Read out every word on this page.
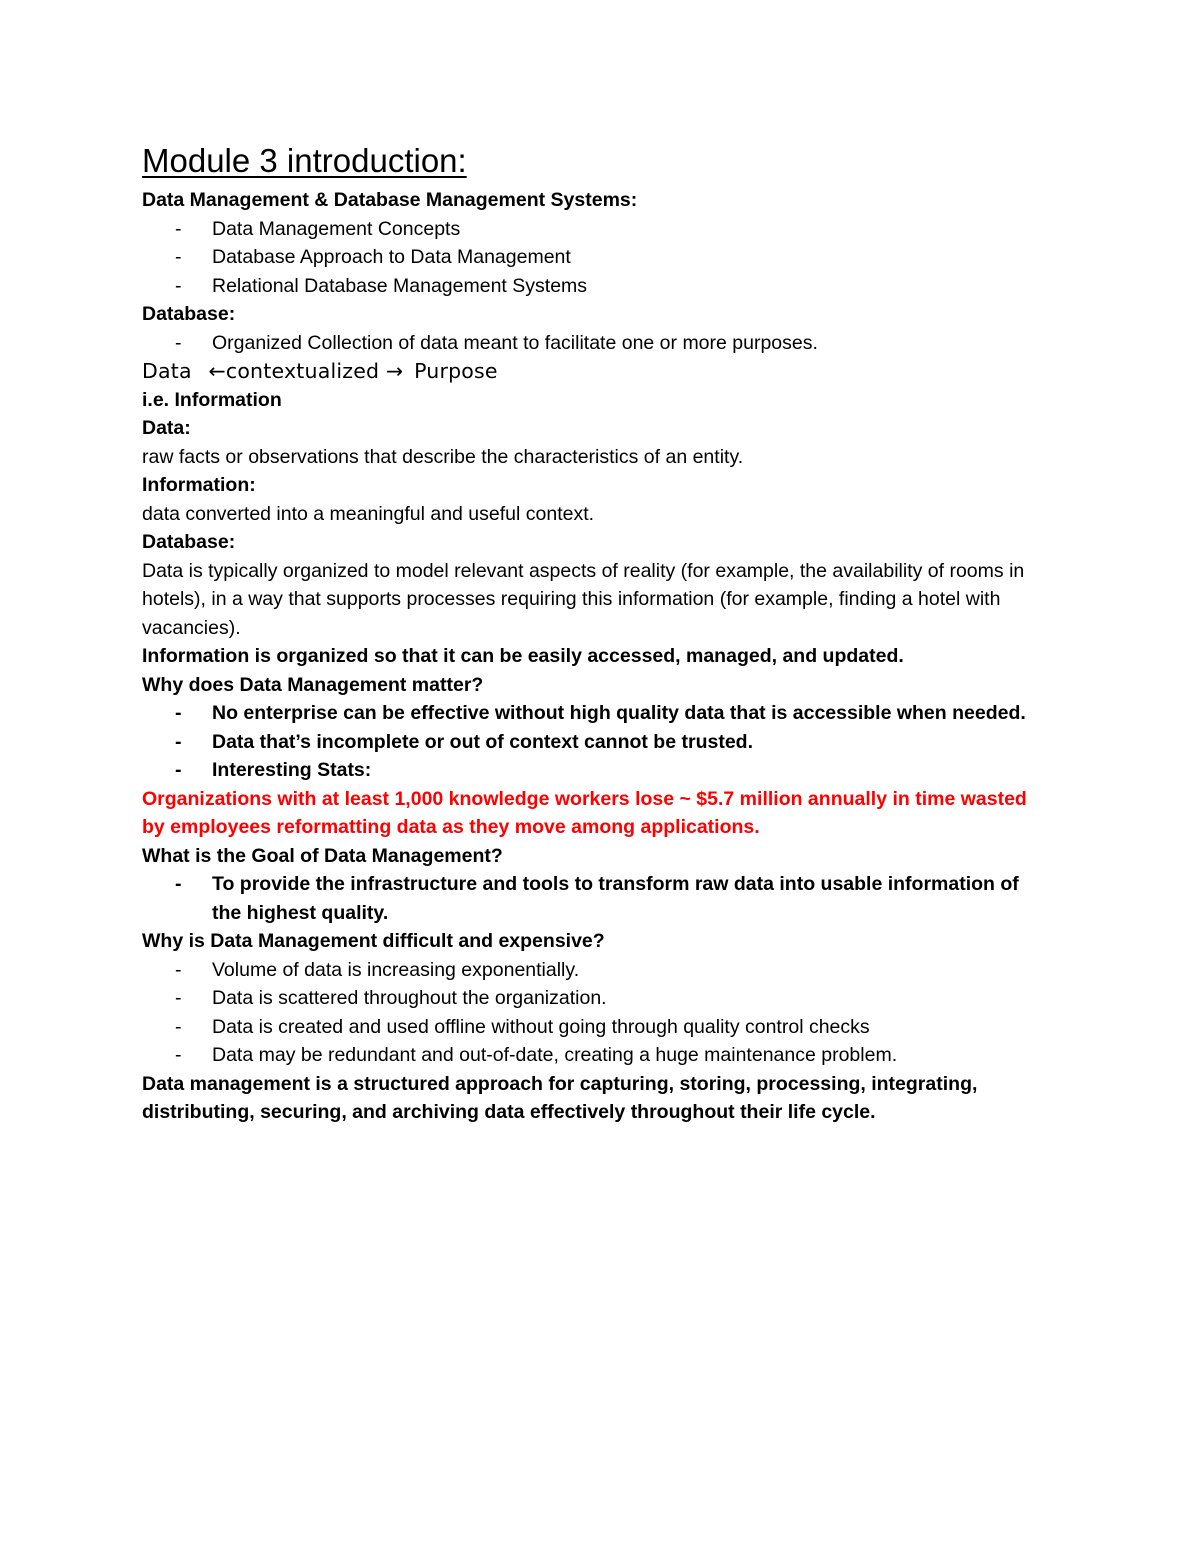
Module 3 introduction:

Data Management & Database Management Systems:

- Data Management Concepts
- Database Approach to Data Management
- Relational Database Management Systems

Database:

- Organized Collection of data meant to facilitate one or more purposes.

Data ←contextualized → Purpose

i.e. Information

Data:

raw facts or observations that describe the characteristics of an entity.

Information:

data converted into a meaningful and useful context.

Database:

Data is typically organized to model relevant aspects of reality (for example, the availability of rooms in hotels), in a way that supports processes requiring this information (for example, finding a hotel with vacancies).

Information is organized so that it can be easily accessed, managed, and updated.

Why does Data Management matter?

- No enterprise can be effective without high quality data that is accessible when needed.
- Data that’s incomplete or out of context cannot be trusted.
- Interesting Stats:

Organizations with at least 1,000 knowledge workers lose ~ $5.7 million annually in time wasted by employees reformatting data as they move among applications.

What is the Goal of Data Management?

- To provide the infrastructure and tools to transform raw data into usable information of the highest quality.

Why is Data Management difficult and expensive?

- Volume of data is increasing exponentially.
- Data is scattered throughout the organization.
- Data is created and used offline without going through quality control checks
- Data may be redundant and out-of-date, creating a huge maintenance problem.

Data management is a structured approach for capturing, storing, processing, integrating, distributing, securing, and archiving data effectively throughout their life cycle.
